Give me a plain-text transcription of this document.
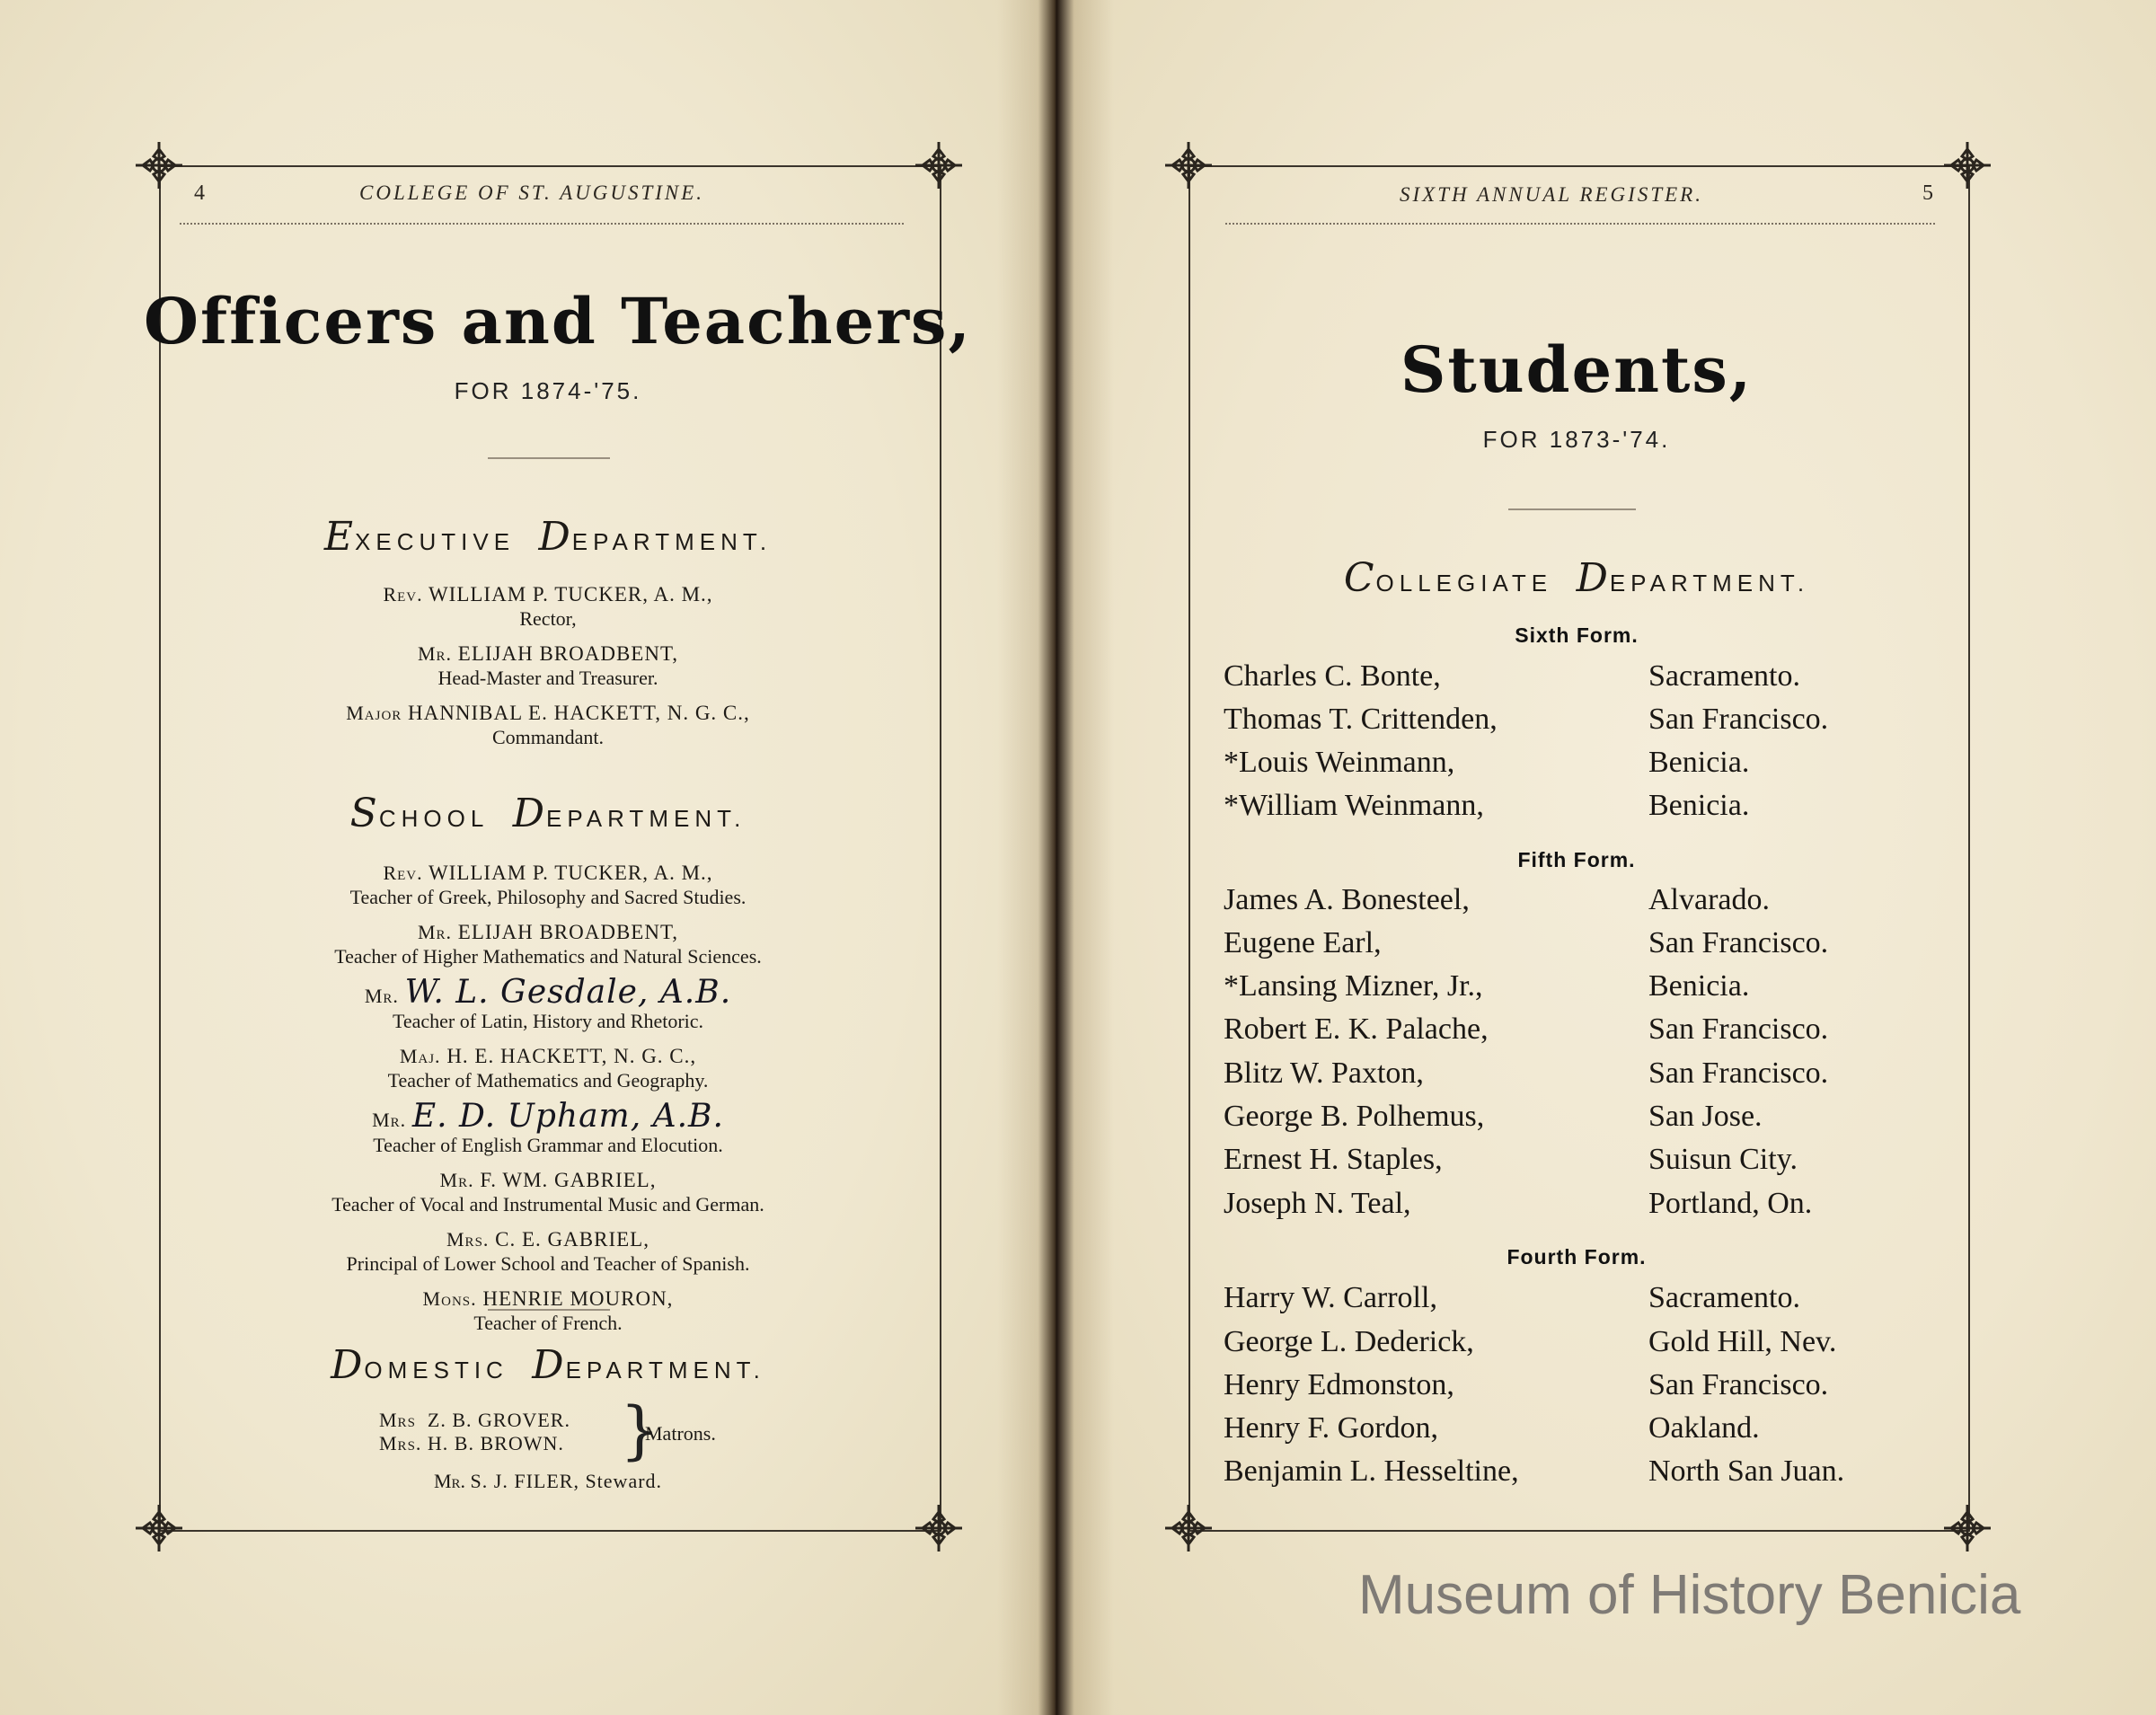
4	COLLEGE OF ST. AUGUSTINE.
Officers and Teachers,
FOR 1874-'75.
EXECUTIVE DEPARTMENT.
Rev. WILLIAM P. TUCKER, A. M.,
Rector,
Mr. ELIJAH BROADBENT,
Head-Master and Treasurer.
Major HANNIBAL E. HACKETT, N. G. C.,
Commandant.
SCHOOL DEPARTMENT.
Rev. WILLIAM P. TUCKER, A. M.,
Teacher of Greek, Philosophy and Sacred Studies.
Mr. ELIJAH BROADBENT,
Teacher of Higher Mathematics and Natural Sciences.
Mr. W. L. Gesdale, A.B.
Teacher of Latin, History and Rhetoric.
Maj. H. E. HACKETT, N. G. C.,
Teacher of Mathematics and Geography.
Mr. E. D. Upham, A.B.
Teacher of English Grammar and Elocution.
Mr. F. WM. GABRIEL,
Teacher of Vocal and Instrumental Music and German.
Mrs. C. E. GABRIEL,
Principal of Lower School and Teacher of Spanish.
Mons. HENRIE MOURON,
Teacher of French.
DOMESTIC DEPARTMENT.
Mrs Z. B. GROVER.
Mrs. H. B. BROWN. }
Matrons.
Mr. S. J. FILER, Steward.
SIXTH ANNUAL REGISTER.	5
Students,
FOR 1873-'74.
COLLEGIATE DEPARTMENT.
Sixth Form.
Charles C. Bonte,	Sacramento.
Thomas T. Crittenden,	San Francisco.
*Louis Weinmann,	Benicia.
*William Weinmann,	Benicia.
Fifth Form.
James A. Bonesteel,	Alvarado.
Eugene Earl,	San Francisco.
*Lansing Mizner, Jr.,	Benicia.
Robert E. K. Palache,	San Francisco.
Blitz W. Paxton,	San Francisco.
George B. Polhemus,	San Jose.
Ernest H. Staples,	Suisun City.
Joseph N. Teal,	Portland, On.
Fourth Form.
Harry W. Carroll,	Sacramento.
George L. Dederick,	Gold Hill, Nev.
Henry Edmonston,	San Francisco.
Henry F. Gordon,	Oakland.
Benjamin L. Hesseltine,	North San Juan.
Museum of History Benicia
